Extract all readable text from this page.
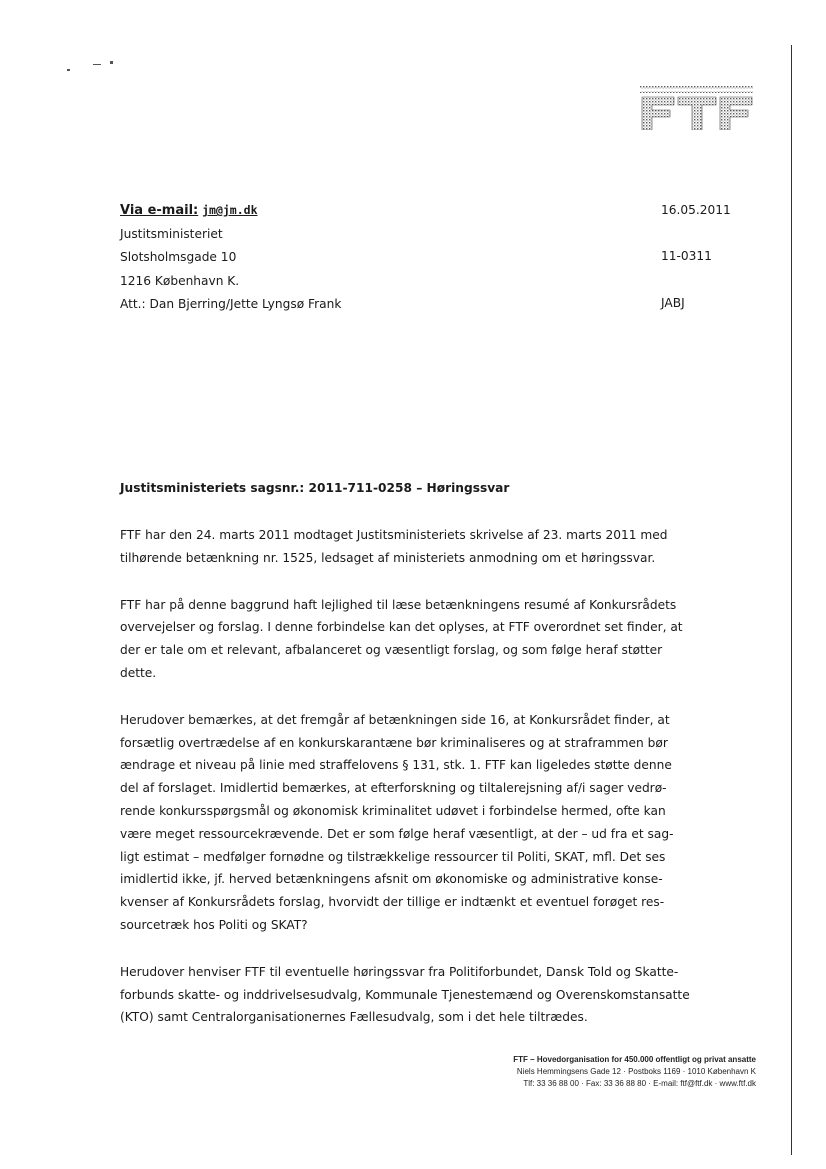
Via e-mail: jm@jm.dk
Justitsministeriet
Slotsholmsgade 10
1216 København K.
Att.: Dan Bjerring/Jette Lyngsø Frank
16.05.2011
11-0311
JABJ
Justitsministeriets sagsnr.: 2011-711-0258 – Høringssvar
FTF har den 24. marts 2011 modtaget Justitsministeriets skrivelse af 23. marts 2011 med
tilhørende betænkning nr. 1525, ledsaget af ministeriets anmodning om et høringssvar.
FTF har på denne baggrund haft lejlighed til læse betænkningens resumé af Konkursrådets
overvejelser og forslag. I denne forbindelse kan det oplyses, at FTF overordnet set finder, at
der er tale om et relevant, afbalanceret og væsentligt forslag, og som følge heraf støtter
dette.
Herudover bemærkes, at det fremgår af betænkningen side 16, at Konkursrådet finder, at
forsætlig overtrædelse af en konkurskarantæne bør kriminaliseres og at straframmen bør
ændrage et niveau på linie med straffelovens § 131, stk. 1. FTF kan ligeledes støtte denne
del af forslaget. Imidlertid bemærkes, at efterforskning og tiltalerejsning af/i sager vedrø-
rende konkursspørgsmål og økonomisk kriminalitet udøvet i forbindelse hermed, ofte kan
være meget ressourcekrævende. Det er som følge heraf væsentligt, at der – ud fra et sag-
ligt estimat – medfølger fornødne og tilstrækkelige ressourcer til Politi, SKAT, mfl. Det ses
imidlertid ikke, jf. herved betænkningens afsnit om økonomiske og administrative konse-
kvenser af Konkursrådets forslag, hvorvidt der tillige er indtænkt et eventuel forøget res-
sourcetræk hos Politi og SKAT?
Herudover henviser FTF til eventuelle høringssvar fra Politiforbundet, Dansk Told og Skatte-
forbunds skatte- og inddrivelsesudvalg, Kommunale Tjenestemænd og Overenskomstansatte
(KTO) samt Centralorganisationernes Fællesudvalg, som i det hele tiltrædes.
FTF – Hovedorganisation for 450.000 offentligt og privat ansatte
Niels Hemmingsens Gade 12 · Postboks 1169 · 1010 København K
Tlf: 33 36 88 00 · Fax: 33 36 88 80 · E-mail: ftf@ftf.dk · www.ftf.dk
